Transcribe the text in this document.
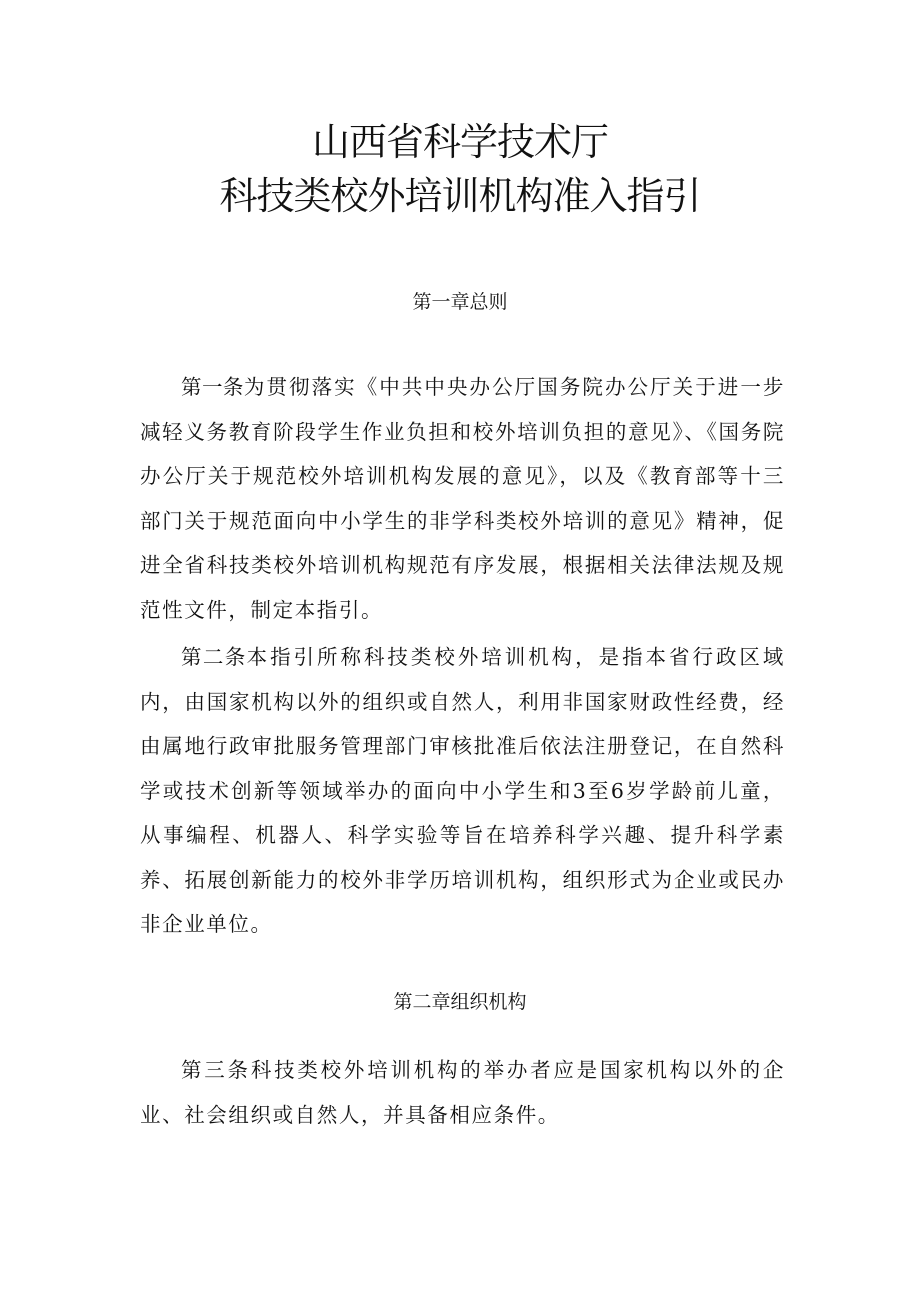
山西省科学技术厅
科技类校外培训机构准入指引
第一章总则

第一条为贯彻落实《中共中央办公厅国务院办公厅关于进一步减轻义务教育阶段学生作业负担和校外培训负担的意见》、《国务院办公厅关于规范校外培训机构发展的意见》，以及《教育部等十三部门关于规范面向中小学生的非学科类校外培训的意见》精神，促进全省科技类校外培训机构规范有序发展，根据相关法律法规及规范性文件，制定本指引。

第二条本指引所称科技类校外培训机构，是指本省行政区域内，由国家机构以外的组织或自然人，利用非国家财政性经费，经由属地行政审批服务管理部门审核批准后依法注册登记，在自然科学或技术创新等领域举办的面向中小学生和3至6岁学龄前儿童，从事编程、机器人、科学实验等旨在培养科学兴趣、提升科学素养、拓展创新能力的校外非学历培训机构，组织形式为企业或民办非企业单位。

第二章组织机构

第三条科技类校外培训机构的举办者应是国家机构以外的企业、社会组织或自然人，并具备相应条件。
